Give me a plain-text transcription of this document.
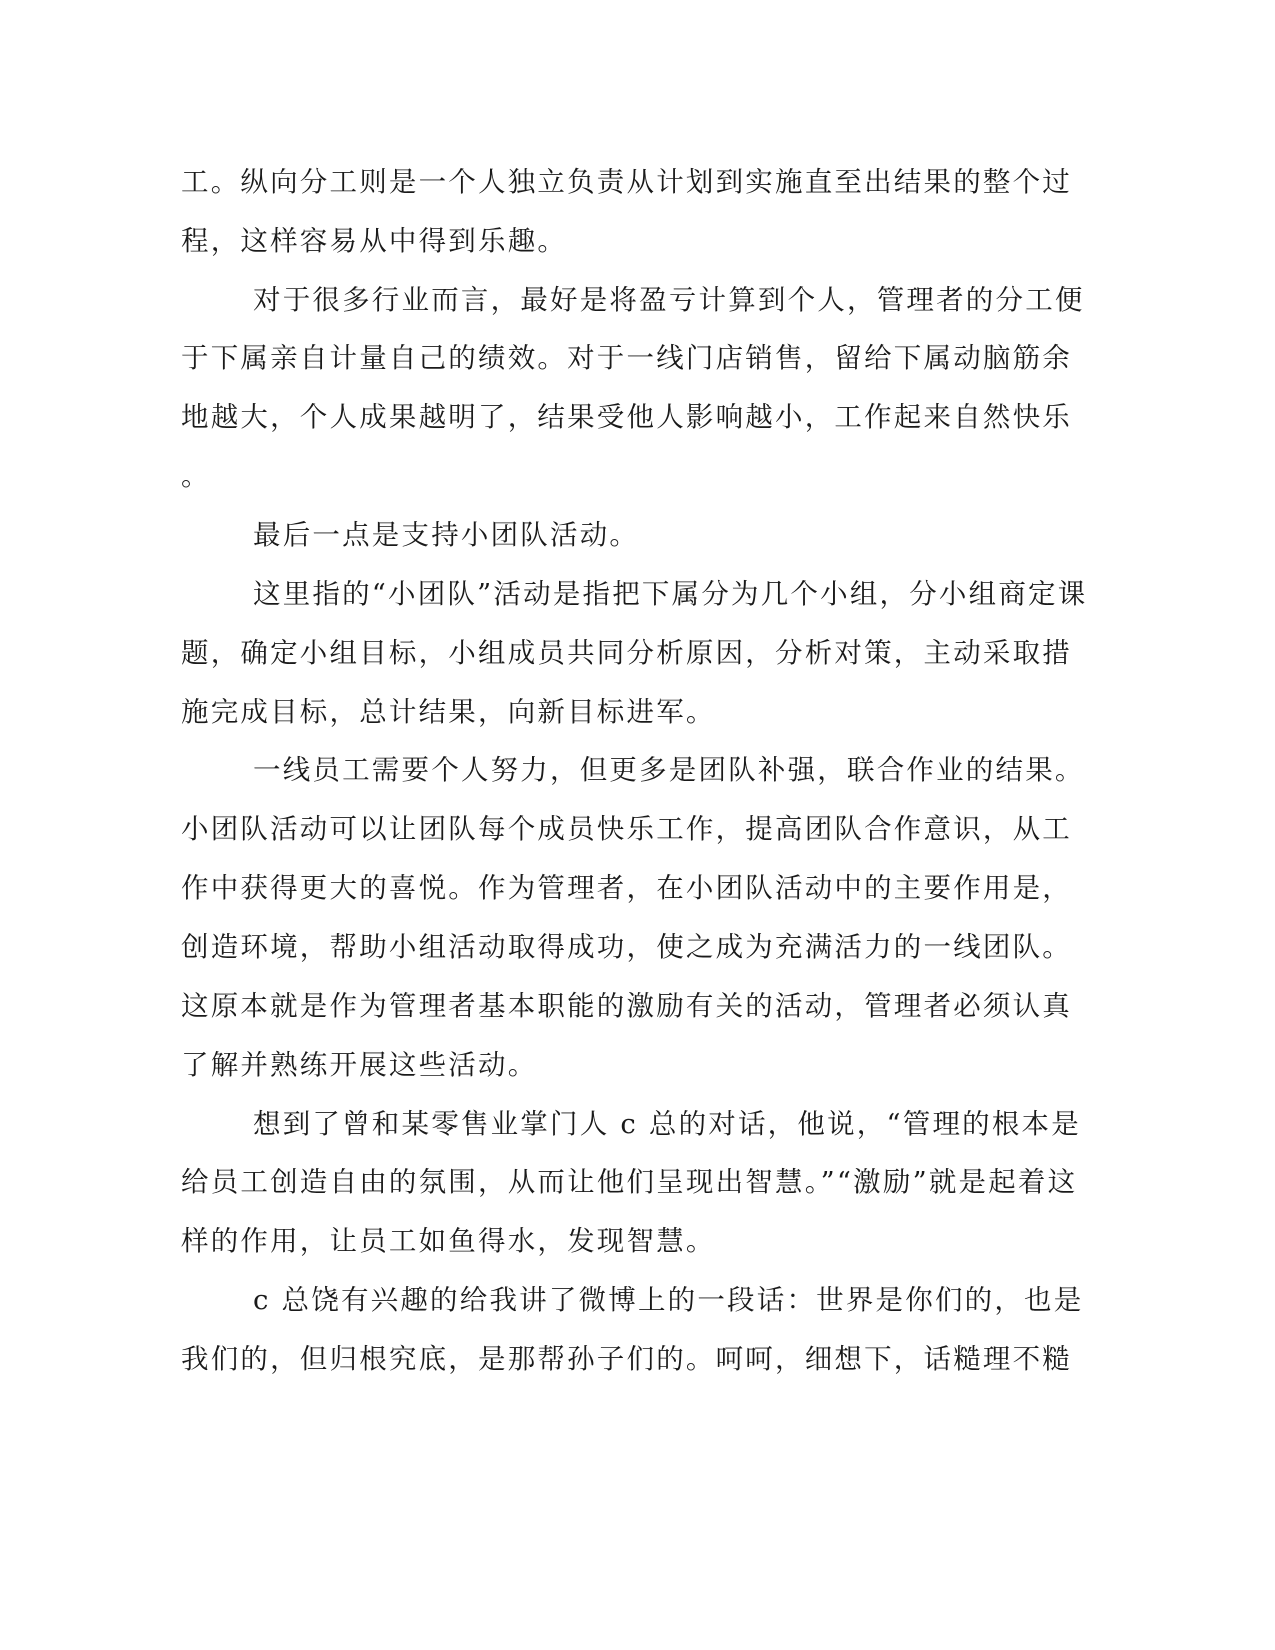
工。纵向分工则是一个人独立负责从计划到实施直至出结果的整个过
程，这样容易从中得到乐趣。
对于很多行业而言，最好是将盈亏计算到个人，管理者的分工便
于下属亲自计量自己的绩效。对于一线门店销售，留给下属动脑筋余
地越大，个人成果越明了，结果受他人影响越小，工作起来自然快乐
。
最后一点是支持小团队活动。
这里指的“小团队”活动是指把下属分为几个小组，分小组商定课
题，确定小组目标，小组成员共同分析原因，分析对策，主动采取措
施完成目标，总计结果，向新目标进军。
一线员工需要个人努力，但更多是团队补强，联合作业的结果。
小团队活动可以让团队每个成员快乐工作，提高团队合作意识，从工
作中获得更大的喜悦。作为管理者，在小团队活动中的主要作用是，
创造环境，帮助小组活动取得成功，使之成为充满活力的一线团队。
这原本就是作为管理者基本职能的激励有关的活动，管理者必须认真
了解并熟练开展这些活动。
想到了曾和某零售业掌门人 c 总的对话，他说，“管理的根本是
给员工创造自由的氛围，从而让他们呈现出智慧。”“激励”就是起着这
样的作用，让员工如鱼得水，发现智慧。
c 总饶有兴趣的给我讲了微博上的一段话：世界是你们的，也是
我们的，但归根究底，是那帮孙子们的。呵呵，细想下，话糙理不糙
